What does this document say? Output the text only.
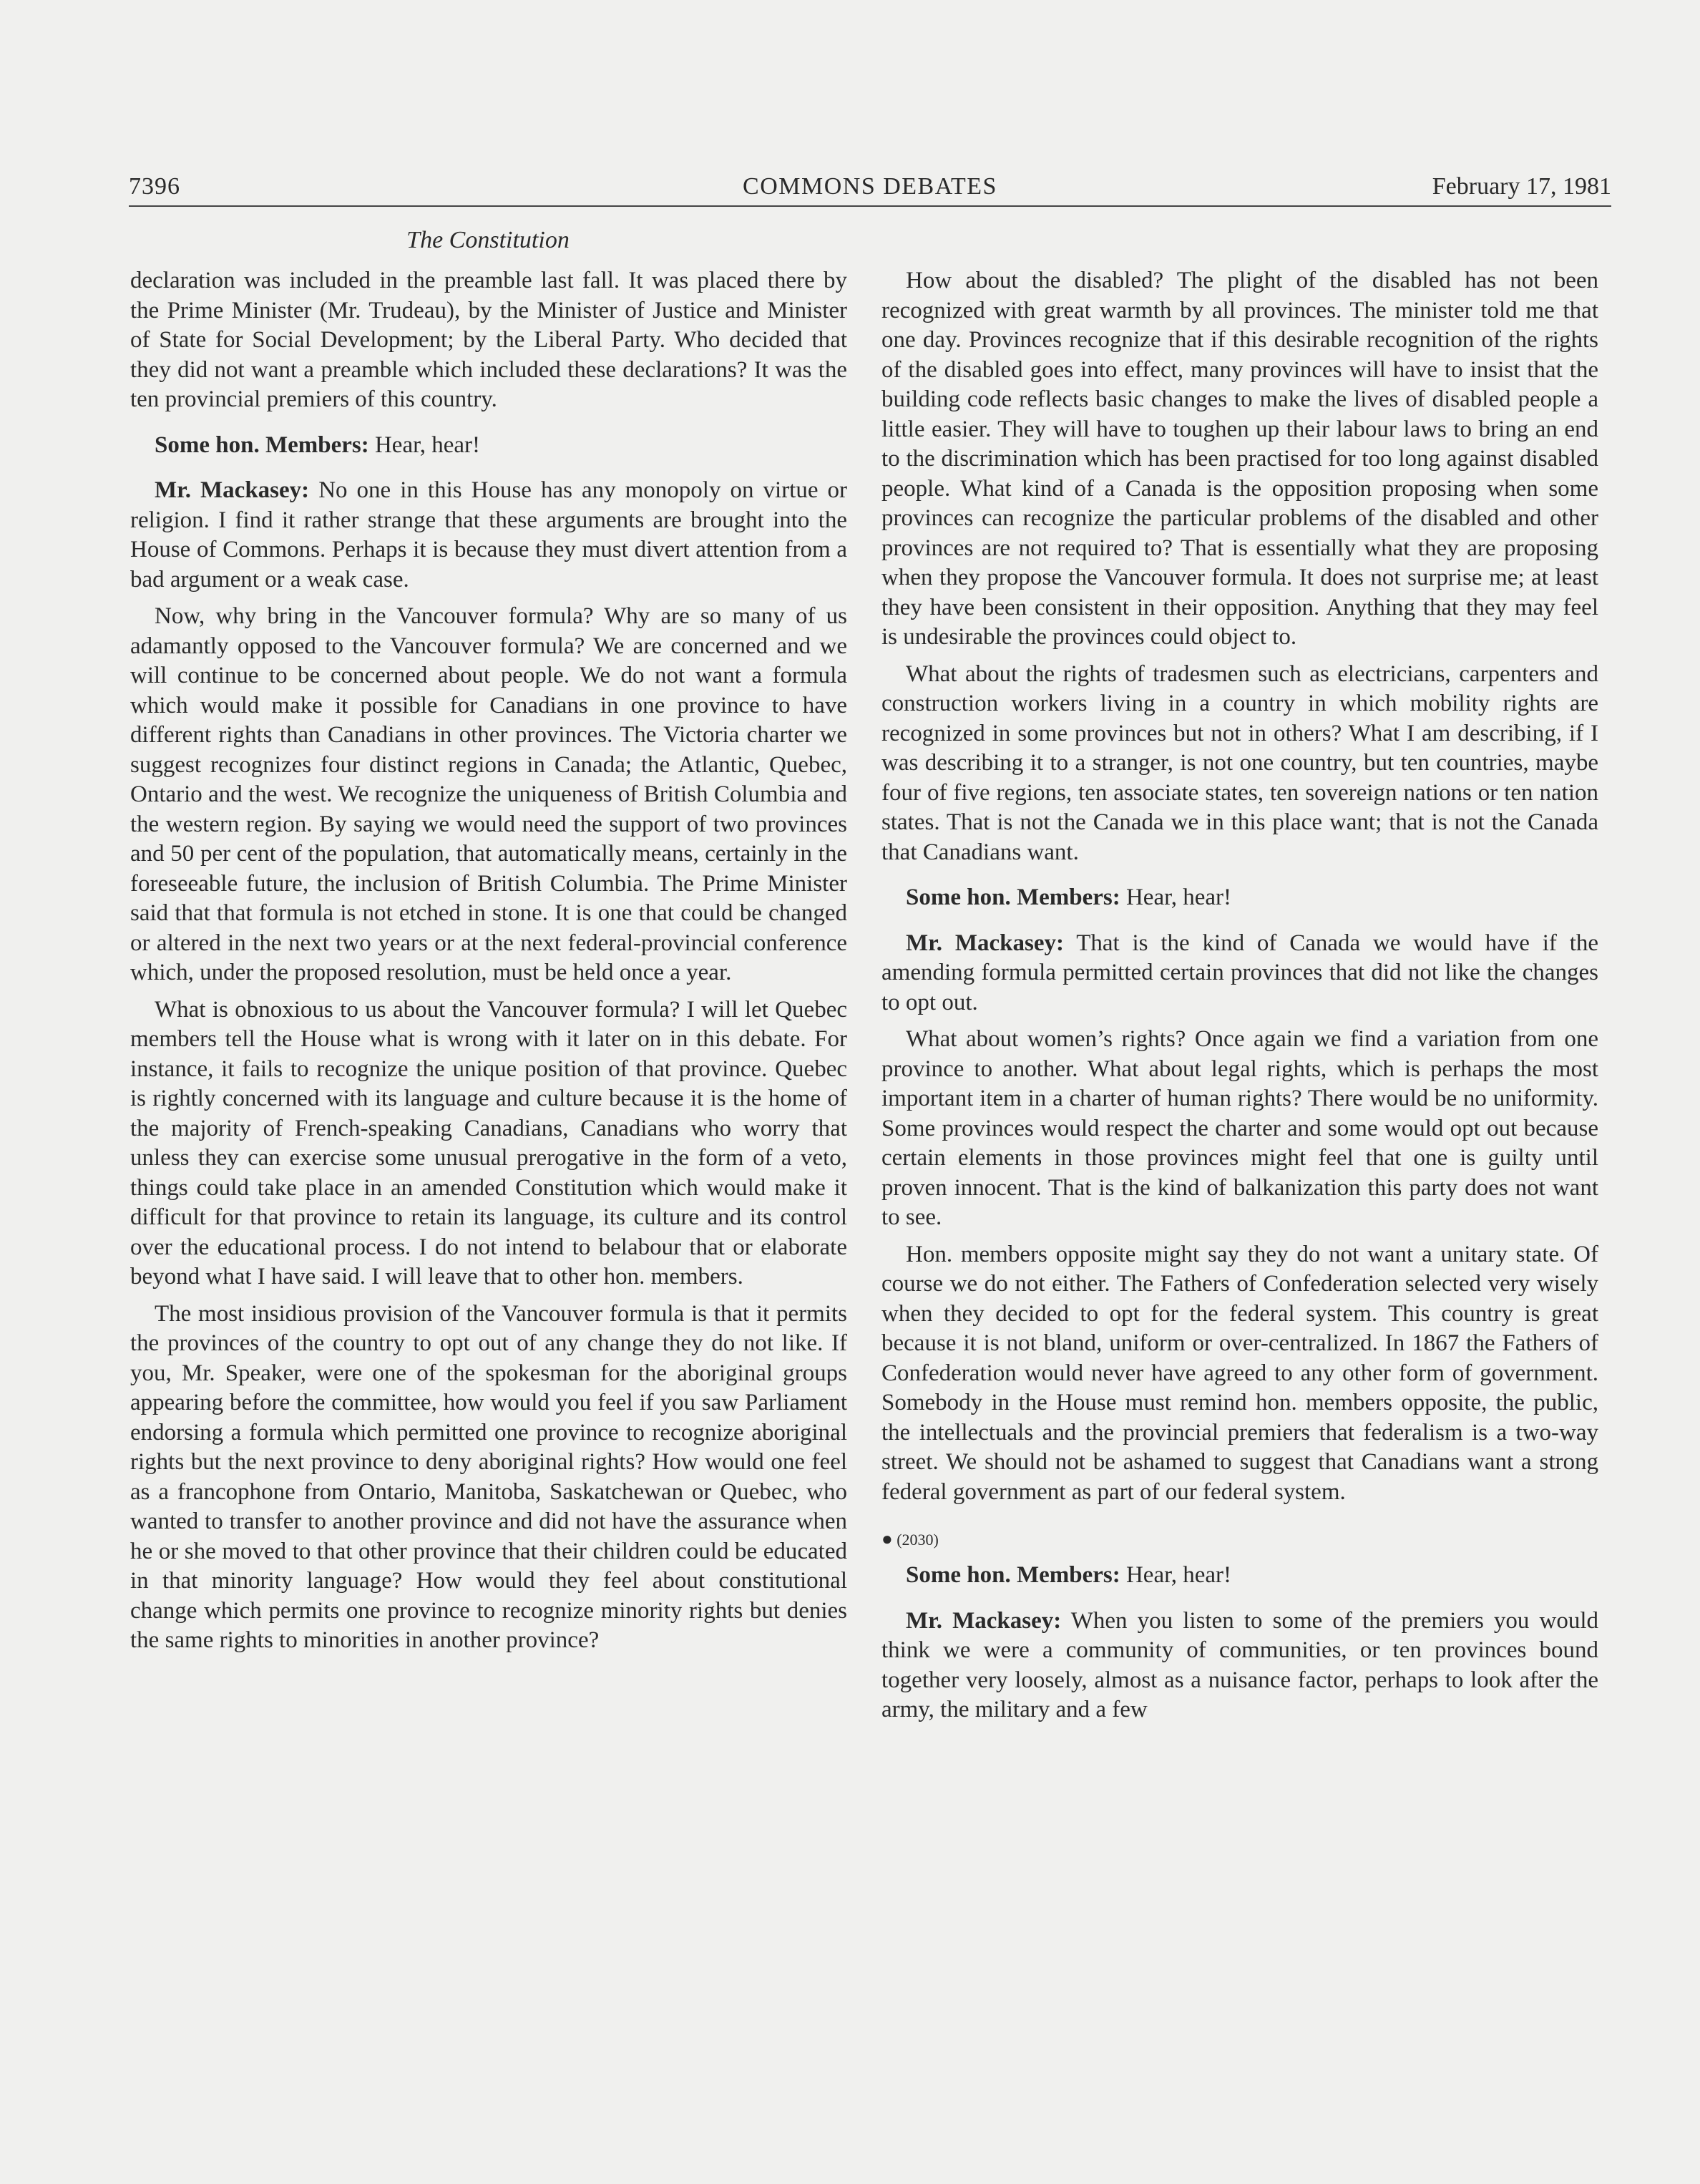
7396	COMMONS DEBATES	February 17, 1981
The Constitution

declaration was included in the preamble last fall. It was placed there by the Prime Minister (Mr. Trudeau), by the Minister of Justice and Minister of State for Social Development; by the Liberal Party. Who decided that they did not want a preamble which included these declarations? It was the ten provincial premiers of this country.

Some hon. Members: Hear, hear!

Mr. Mackasey: No one in this House has any monopoly on virtue or religion. I find it rather strange that these arguments are brought into the House of Commons. Perhaps it is because they must divert attention from a bad argument or a weak case.

Now, why bring in the Vancouver formula? Why are so many of us adamantly opposed to the Vancouver formula? We are concerned and we will continue to be concerned about people. We do not want a formula which would make it possible for Canadians in one province to have different rights than Canadians in other provinces. The Victoria charter we suggest recognizes four distinct regions in Canada; the Atlantic, Quebec, Ontario and the west. We recognize the uniqueness of British Columbia and the western region. By saying we would need the support of two provinces and 50 per cent of the population, that automatically means, certainly in the foreseeable future, the inclusion of British Columbia. The Prime Minister said that that formula is not etched in stone. It is one that could be changed or altered in the next two years or at the next federal-provincial conference which, under the proposed resolution, must be held once a year.

What is obnoxious to us about the Vancouver formula? I will let Quebec members tell the House what is wrong with it later on in this debate. For instance, it fails to recognize the unique position of that province. Quebec is rightly concerned with its language and culture because it is the home of the majority of French-speaking Canadians, Canadians who worry that unless they can exercise some unusual prerogative in the form of a veto, things could take place in an amended Constitution which would make it difficult for that province to retain its language, its culture and its control over the educational process. I do not intend to belabour that or elaborate beyond what I have said. I will leave that to other hon. members.

The most insidious provision of the Vancouver formula is that it permits the provinces of the country to opt out of any change they do not like. If you, Mr. Speaker, were one of the spokesman for the aboriginal groups appearing before the committee, how would you feel if you saw Parliament endorsing a formula which permitted one province to recognize aboriginal rights but the next province to deny aboriginal rights? How would one feel as a francophone from Ontario, Manitoba, Saskatchewan or Quebec, who wanted to transfer to another province and did not have the assurance when he or she moved to that other province that their children could be educated in that minority language? How would they feel about constitutional change which permits one province to recognize minority rights but denies the same rights to minorities in another province?

How about the disabled? The plight of the disabled has not been recognized with great warmth by all provinces. The minister told me that one day. Provinces recognize that if this desirable recognition of the rights of the disabled goes into effect, many provinces will have to insist that the building code reflects basic changes to make the lives of disabled people a little easier. They will have to toughen up their labour laws to bring an end to the discrimination which has been practised for too long against disabled people. What kind of a Canada is the opposition proposing when some provinces can recognize the particular problems of the disabled and other provinces are not required to? That is essentially what they are proposing when they propose the Vancouver formula. It does not surprise me; at least they have been consistent in their opposition. Anything that they may feel is undesirable the provinces could object to.

What about the rights of tradesmen such as electricians, carpenters and construction workers living in a country in which mobility rights are recognized in some provinces but not in others? What I am describing, if I was describing it to a stranger, is not one country, but ten countries, maybe four of five regions, ten associate states, ten sovereign nations or ten nation states. That is not the Canada we in this place want; that is not the Canada that Canadians want.

Some hon. Members: Hear, hear!

Mr. Mackasey: That is the kind of Canada we would have if the amending formula permitted certain provinces that did not like the changes to opt out.

What about women’s rights? Once again we find a variation from one province to another. What about legal rights, which is perhaps the most important item in a charter of human rights? There would be no uniformity. Some provinces would respect the charter and some would opt out because certain elements in those provinces might feel that one is guilty until proven innocent. That is the kind of balkanization this party does not want to see.

Hon. members opposite might say they do not want a unitary state. Of course we do not either. The Fathers of Confederation selected very wisely when they decided to opt for the federal system. This country is great because it is not bland, uniform or over-centralized. In 1867 the Fathers of Confederation would never have agreed to any other form of government. Somebody in the House must remind hon. members opposite, the public, the intellectuals and the provincial premiers that federalism is a two-way street. We should not be ashamed to suggest that Canadians want a strong federal government as part of our federal system.

● (2030)

Some hon. Members: Hear, hear!

Mr. Mackasey: When you listen to some of the premiers you would think we were a community of communities, or ten provinces bound together very loosely, almost as a nuisance factor, perhaps to look after the army, the military and a few
